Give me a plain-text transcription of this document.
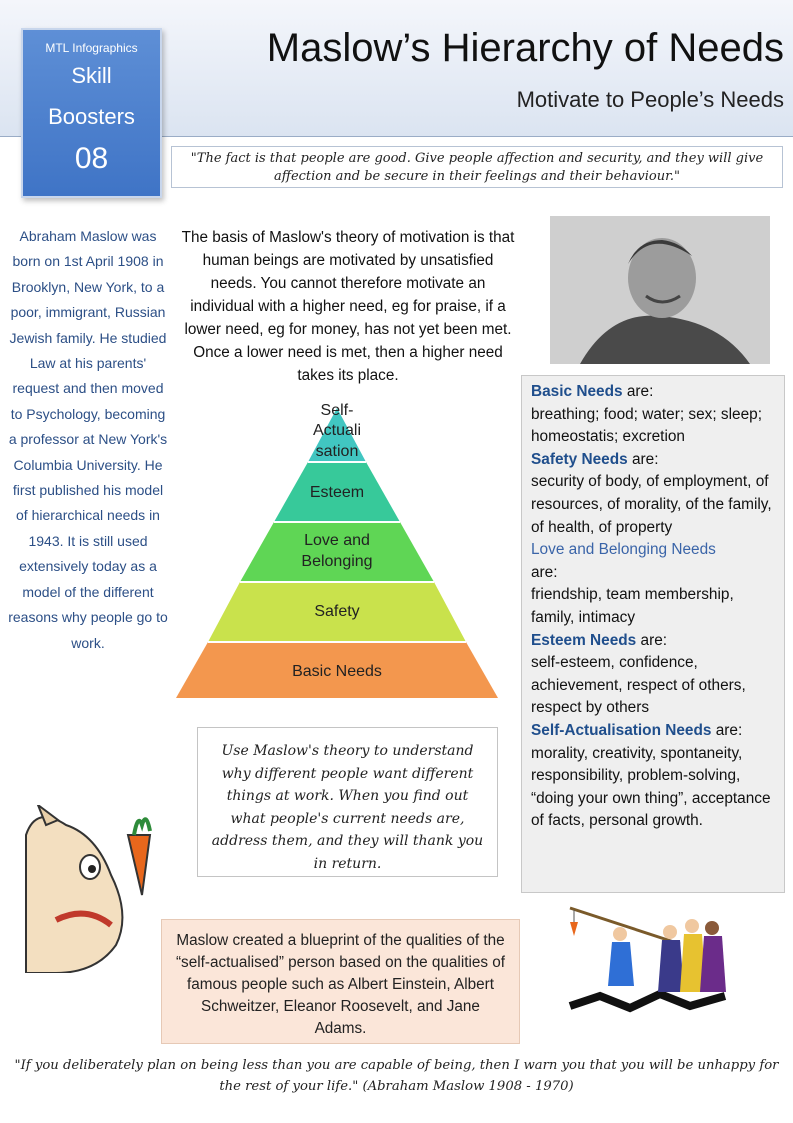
MTL Infographics
Skill
Boosters
08
Maslow’s Hierarchy of Needs
Motivate to People’s Needs
"The fact is that people are good. Give people affection and security, and they will give affection and be secure in their feelings and their behaviour."
Abraham Maslow was born on 1st April 1908 in Brooklyn, New York, to a poor, immigrant, Russian Jewish family. He studied Law at his parents' request and then moved to Psychology, becoming a professor at New York's Columbia University. He first published his model of hierarchical needs in 1943. It is still used extensively today as a model of the different reasons why people go to work.
The basis of Maslow's theory of motivation is that human beings are motivated by unsatisfied needs. You cannot therefore motivate an individual with a higher need, eg for praise, if a lower need, eg for money, has not yet been met. Once a lower need is met, then a higher need takes its place.
Self-
Actuali
sation
Esteem
Love and
Belonging
Safety
Basic Needs
Basic Needs are:
breathing; food; water; sex; sleep; homeostatis; excretion
Safety Needs are:
security of body, of employment, of resources, of morality, of the family, of health, of property
Love and Belonging Needs
are:
friendship, team membership, family, intimacy
Esteem Needs are:
self-esteem, confidence, achievement, respect of others, respect by others
Self-Actualisation Needs are:
morality, creativity, spontaneity, responsibility, problem-solving, “doing your own thing”, acceptance of facts, personal growth.
Use Maslow's theory to understand why different people want different things at work. When you find out what people's current needs are, address them, and they will thank you in return.
Maslow created a blueprint of the qualities of the “self-actualised” person based on the qualities of famous people such as Albert Einstein, Albert Schweitzer, Eleanor Roosevelt, and Jane Adams.
"If you deliberately plan on being less than you are capable of being, then I warn you that you will be unhappy for the rest of your life." (Abraham Maslow 1908 - 1970)
